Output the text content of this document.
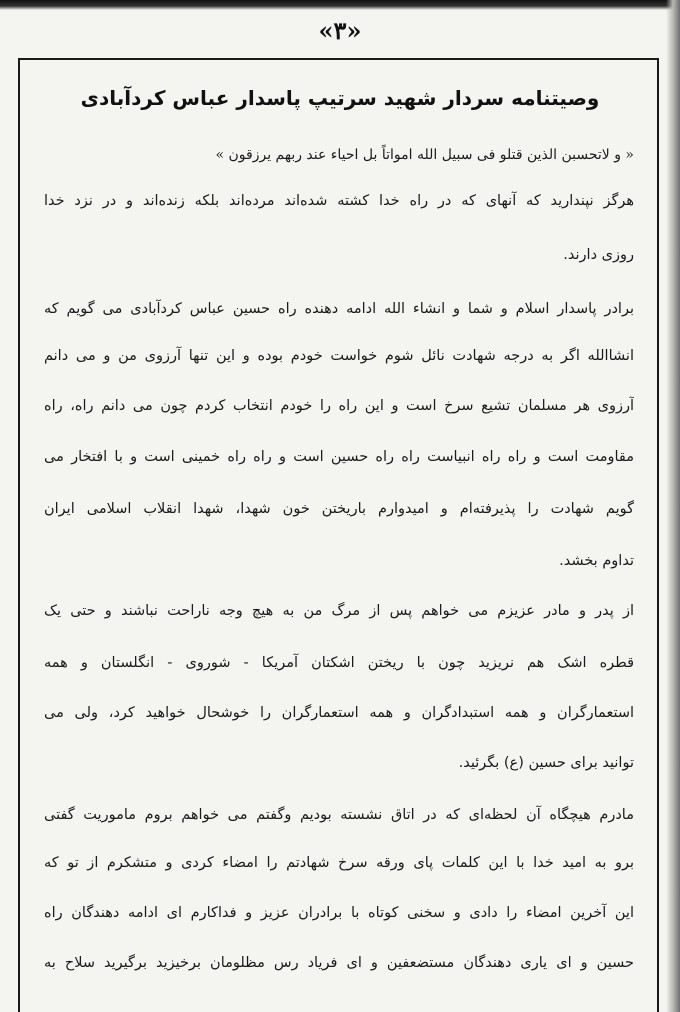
«۳»
وصیتنامه سردار شهید سرتیپ پاسدار عباس کردآبادی
« و لاتحسبن الذین قتلو فی سبیل الله امواتاً بل احیاء عند ربهم یرزقون »
هرگز نپندارید که آنهای که در راه خدا کشته شده‌اند مرده‌اند بلکه زنده‌اند و در نزد خدا
روزی دارند.
برادر پاسدار اسلام و شما و انشاء الله ادامه دهنده راه حسین عباس کردآبادی می گویم که
انشاالله اگر به درجه شهادت نائل شوم خواست خودم بوده و این تنها آرزوی من و می دانم
آرزوی هر مسلمان تشیع سرخ است و این راه را خودم انتخاب کردم چون می دانم راه، راه
مقاومت است و راه راه انبیاست راه راه حسین است و راه راه خمینی است و با افتخار می
گویم شهادت را پذیرفته‌ام و امیدوارم باریختن خون شهدا، شهدا انقلاب اسلامی ایران
تداوم بخشد.
از پدر و مادر عزیزم می خواهم پس از مرگ من به هیچ وجه ناراحت نباشند و حتی یک
قطره اشک هم نریزید چون با ریختن اشکتان آمریکا - شوروی - انگلستان و همه
استعمارگران و همه استبدادگران و همه استعمارگران را خوشحال خواهید کرد، ولی می
توانید برای حسین (ع) بگرئید.
مادرم هیچگاه آن لحظه‌ای که در اتاق نشسته بودیم وگفتم می خواهم بروم ماموریت گفتی
برو به امید خدا با این کلمات پای ورقه سرخ شهادتم را امضاء کردی و متشکرم از تو که
این آخرین امضاء را دادی و سخنی کوتاه با برادران عزیز و فداکارم ای ادامه دهندگان راه
حسین و ای یاری دهندگان مستضعفین و ای فریاد رس مظلومان برخیزید برگیرید سلاح به
